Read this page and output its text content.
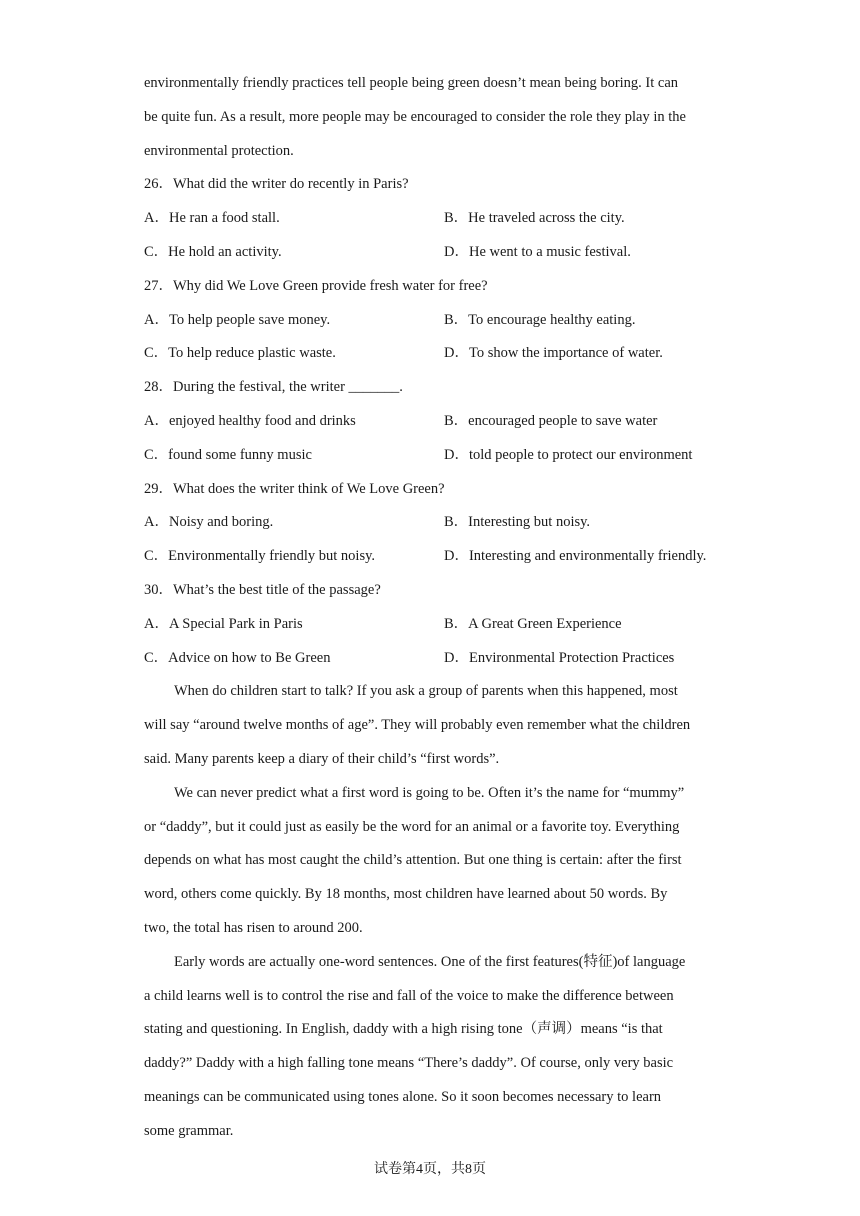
environmentally friendly practices tell people being green doesn’t mean being boring. It can
be quite fun. As a result, more people may be encouraged to consider the role they play in the
environmental protection.
26．What did the writer do recently in Paris?
A．He ran a food stall.	B．He traveled across the city.
C．He hold an activity.	D．He went to a music festival.
27．Why did We Love Green provide fresh water for free?
A．To help people save money.	B．To encourage healthy eating.
C．To help reduce plastic waste.	D．To show the importance of water.
28．During the festival, the writer _______.
A．enjoyed healthy food and drinks	B．encouraged people to save water
C．found some funny music	D．told people to protect our environment
29．What does the writer think of We Love Green?
A．Noisy and boring.	B．Interesting but noisy.
C．Environmentally friendly but noisy.	D．Interesting and environmentally friendly.
30．What’s the best title of the passage?
A．A Special Park in Paris	B．A Great Green Experience
C．Advice on how to Be Green	D．Environmental Protection Practices
When do children start to talk? If you ask a group of parents when this happened, most
will say “around twelve months of age”. They will probably even remember what the children
said. Many parents keep a diary of their child’s “first words”.
We can never predict what a first word is going to be. Often it’s the name for “mummy”
or “daddy”, but it could just as easily be the word for an animal or a favorite toy. Everything
depends on what has most caught the child’s attention. But one thing is certain: after the first
word, others come quickly. By 18 months, most children have learned about 50 words. By
two, the total has risen to around 200.
Early words are actually one-word sentences. One of the first features(特征)of language
a child learns well is to control the rise and fall of the voice to make the difference between
stating and questioning. In English, daddy with a high rising tone（声调）means “is that
daddy?” Daddy with a high falling tone means “There’s daddy”. Of course, only very basic
meanings can be communicated using tones alone. So it soon becomes necessary to learn
some grammar.
试卷第4页，共8页
